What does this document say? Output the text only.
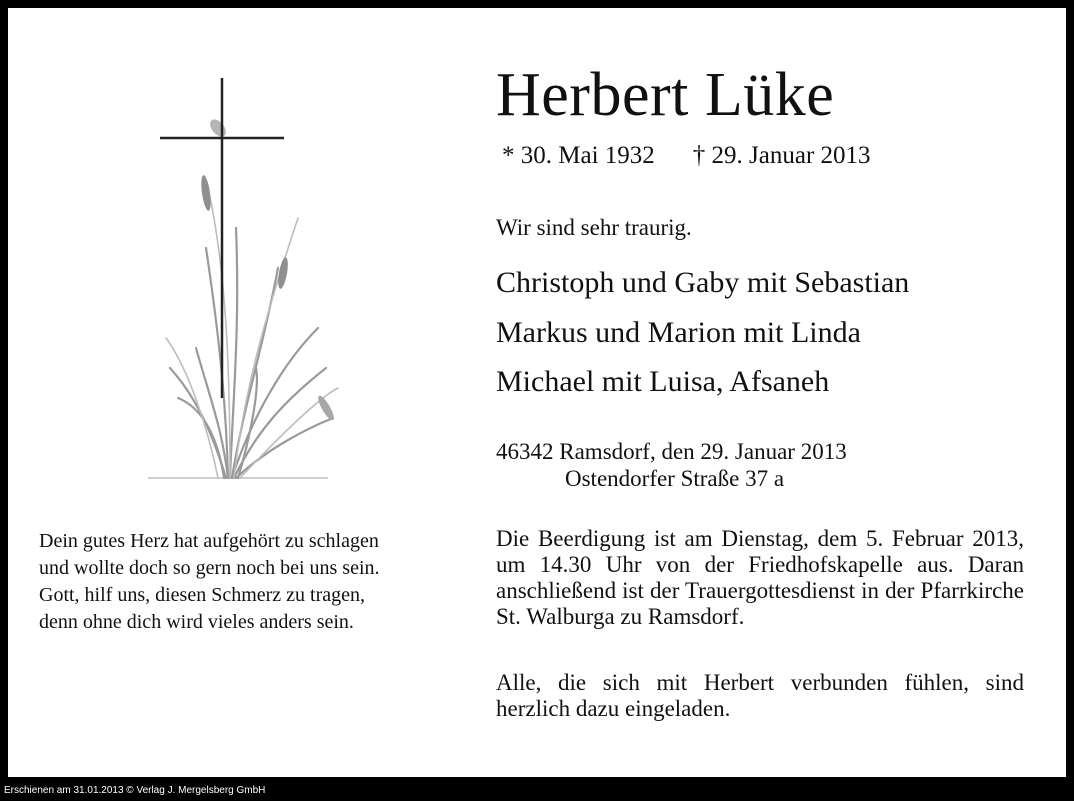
Herbert Lüke
* 30. Mai 1932 † 29. Januar 2013
Wir sind sehr traurig.
Christoph und Gaby mit Sebastian
Markus und Marion mit Linda
Michael mit Luisa, Afsaneh
46342 Ramsdorf, den 29. Januar 2013
Ostendorfer Straße 37 a
Die Beerdigung ist am Dienstag, dem 5. Februar 2013, um 14.30 Uhr von der Friedhofskapelle aus. Daran anschließend ist der Trauergottesdienst in der Pfarrkirche St. Walburga zu Ramsdorf.
Alle, die sich mit Herbert verbunden fühlen, sind herzlich dazu eingeladen.
Dein gutes Herz hat aufgehört zu schlagen
und wollte doch so gern noch bei uns sein.
Gott, hilf uns, diesen Schmerz zu tragen,
denn ohne dich wird vieles anders sein.
Erschienen am 31.01.2013 © Verlag J. Mergelsberg GmbH
